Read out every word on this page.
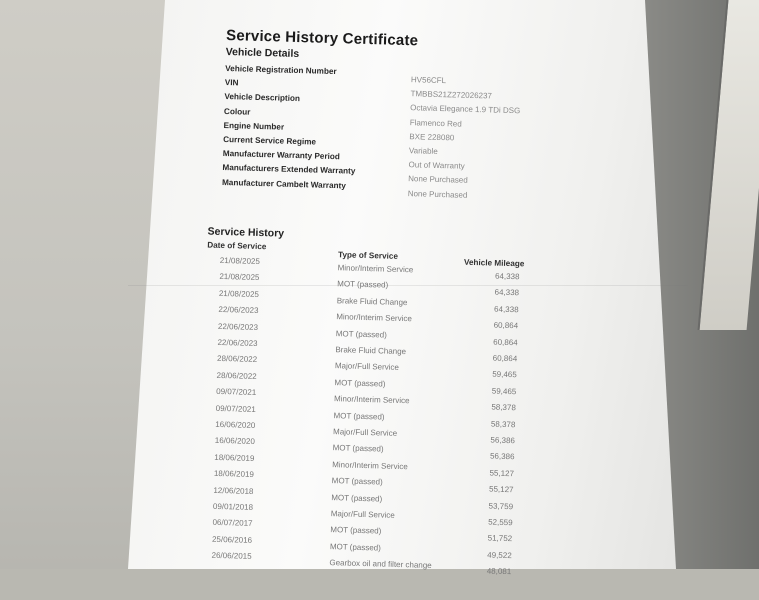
Service History Certificate
Vehicle Details
Vehicle Registration Number
HV56CFL
VIN
TMBBS21Z272026237
Vehicle Description
Octavia Elegance 1.9 TDi DSG
Colour
Flamenco Red
Engine Number
BXE 228080
Current Service Regime
Variable
Manufacturer Warranty Period
Out of Warranty
Manufacturers Extended Warranty
None Purchased
Manufacturer Cambelt Warranty
None Purchased
Service History
Date of Service
Type of Service
Vehicle Mileage
21/08/2025
Minor/Interim Service
64,338
21/08/2025
MOT (passed)
64,338
21/08/2025
Brake Fluid Change
64,338
22/06/2023
Minor/Interim Service
60,864
22/06/2023
MOT (passed)
60,864
22/06/2023
Brake Fluid Change
60,864
28/06/2022
Major/Full Service
59,465
28/06/2022
MOT (passed)
59,465
09/07/2021
Minor/Interim Service
58,378
09/07/2021
MOT (passed)
58,378
16/06/2020
Major/Full Service
56,386
16/06/2020
MOT (passed)
56,386
18/06/2019
Minor/Interim Service
55,127
18/06/2019
MOT (passed)
55,127
12/06/2018
MOT (passed)
53,759
09/01/2018
Major/Full Service
52,559
06/07/2017
MOT (passed)
51,752
25/06/2016
MOT (passed)
49,522
26/06/2015
Gearbox oil and filter change
48,081
